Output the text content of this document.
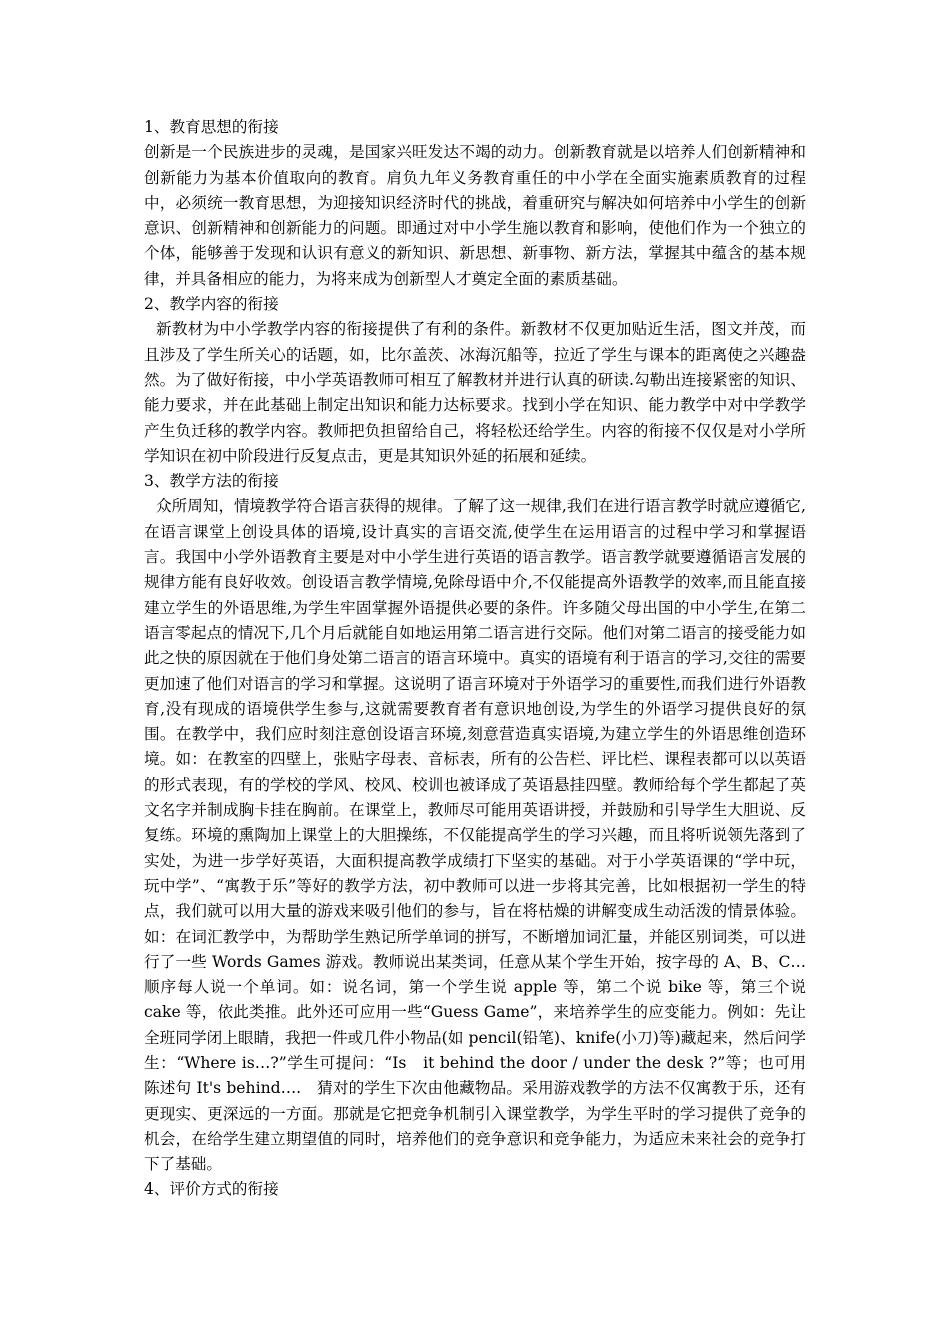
1、教育思想的衔接

创新是一个民族进步的灵魂，是国家兴旺发达不竭的动力。创新教育就是以培养人们创新精神和创新能力为基本价值取向的教育。肩负九年义务教育重任的中小学在全面实施素质教育的过程中，必须统一教育思想，为迎接知识经济时代的挑战，着重研究与解决如何培养中小学生的创新意识、创新精神和创新能力的问题。即通过对中小学生施以教育和影响，使他们作为一个独立的个体，能够善于发现和认识有意义的新知识、新思想、新事物、新方法，掌握其中蕴含的基本规律，并具备相应的能力，为将来成为创新型人才奠定全面的素质基础。

2、教学内容的衔接

新教材为中小学教学内容的衔接提供了有利的条件。新教材不仅更加贴近生活，图文并茂，而且涉及了学生所关心的话题，如，比尔盖茨、冰海沉船等，拉近了学生与课本的距离使之兴趣盎然。为了做好衔接，中小学英语教师可相互了解教材并进行认真的研读.勾勒出连接紧密的知识、能力要求，并在此基础上制定出知识和能力达标要求。找到小学在知识、能力教学中对中学教学产生负迁移的教学内容。教师把负担留给自己，将轻松还给学生。内容的衔接不仅仅是对小学所学知识在初中阶段进行反复点击，更是其知识外延的拓展和延续。

3、教学方法的衔接

众所周知，情境教学符合语言获得的规律。了解了这一规律,我们在进行语言教学时就应遵循它,在语言课堂上创设具体的语境,设计真实的言语交流,使学生在运用语言的过程中学习和掌握语言。我国中小学外语教育主要是对中小学生进行英语的语言教学。语言教学就要遵循语言发展的规律方能有良好收效。创设语言教学情境,免除母语中介,不仅能提高外语教学的效率,而且能直接建立学生的外语思维,为学生牢固掌握外语提供必要的条件。许多随父母出国的中小学生,在第二语言零起点的情况下,几个月后就能自如地运用第二语言进行交际。他们对第二语言的接受能力如此之快的原因就在于他们身处第二语言的语言环境中。真实的语境有利于语言的学习,交往的需要更加速了他们对语言的学习和掌握。这说明了语言环境对于外语学习的重要性,而我们进行外语教育,没有现成的语境供学生参与,这就需要教育者有意识地创设,为学生的外语学习提供良好的氛围。在教学中，我们应时刻注意创设语言环境,刻意营造真实语境,为建立学生的外语思维创造环境。如：在教室的四壁上，张贴字母表、音标表，所有的公告栏、评比栏、课程表都可以以英语的形式表现，有的学校的学风、校风、校训也被译成了英语悬挂四壁。教师给每个学生都起了英文名字并制成胸卡挂在胸前。在课堂上，教师尽可能用英语讲授，并鼓励和引导学生大胆说、反复练。环境的熏陶加上课堂上的大胆操练，不仅能提高学生的学习兴趣，而且将听说领先落到了实处，为进一步学好英语，大面积提高教学成绩打下坚实的基础。对于小学英语课的“学中玩，玩中学”、“寓教于乐”等好的教学方法，初中教师可以进一步将其完善，比如根据初一学生的特点，我们就可以用大量的游戏来吸引他们的参与，旨在将枯燥的讲解变成生动活泼的情景体验。如：在词汇教学中，为帮助学生熟记所学单词的拼写，不断增加词汇量，并能区别词类，可以进行了一些 Words Games 游戏。教师说出某类词，任意从某个学生开始，按字母的 A、B、C…顺序每人说一个单词。如：说名词，第一个学生说 apple 等，第二个说 bike 等，第三个说 cake 等，依此类推。此外还可应用一些“Guess Game”，来培养学生的应变能力。例如：先让全班同学闭上眼睛，我把一件或几件小物品(如 pencil(铅笔)、knife(小刀)等)藏起来，然后问学生：“Where is…?”学生可提问：“Is　it behind the door / under the desk ?”等；也可用陈述句 It's behind….　猜对的学生下次由他藏物品。采用游戏教学的方法不仅寓教于乐，还有更现实、更深远的一方面。那就是它把竞争机制引入课堂教学，为学生平时的学习提供了竞争的机会，在给学生建立期望值的同时，培养他们的竞争意识和竞争能力，为适应未来社会的竞争打下了基础。

4、评价方式的衔接
